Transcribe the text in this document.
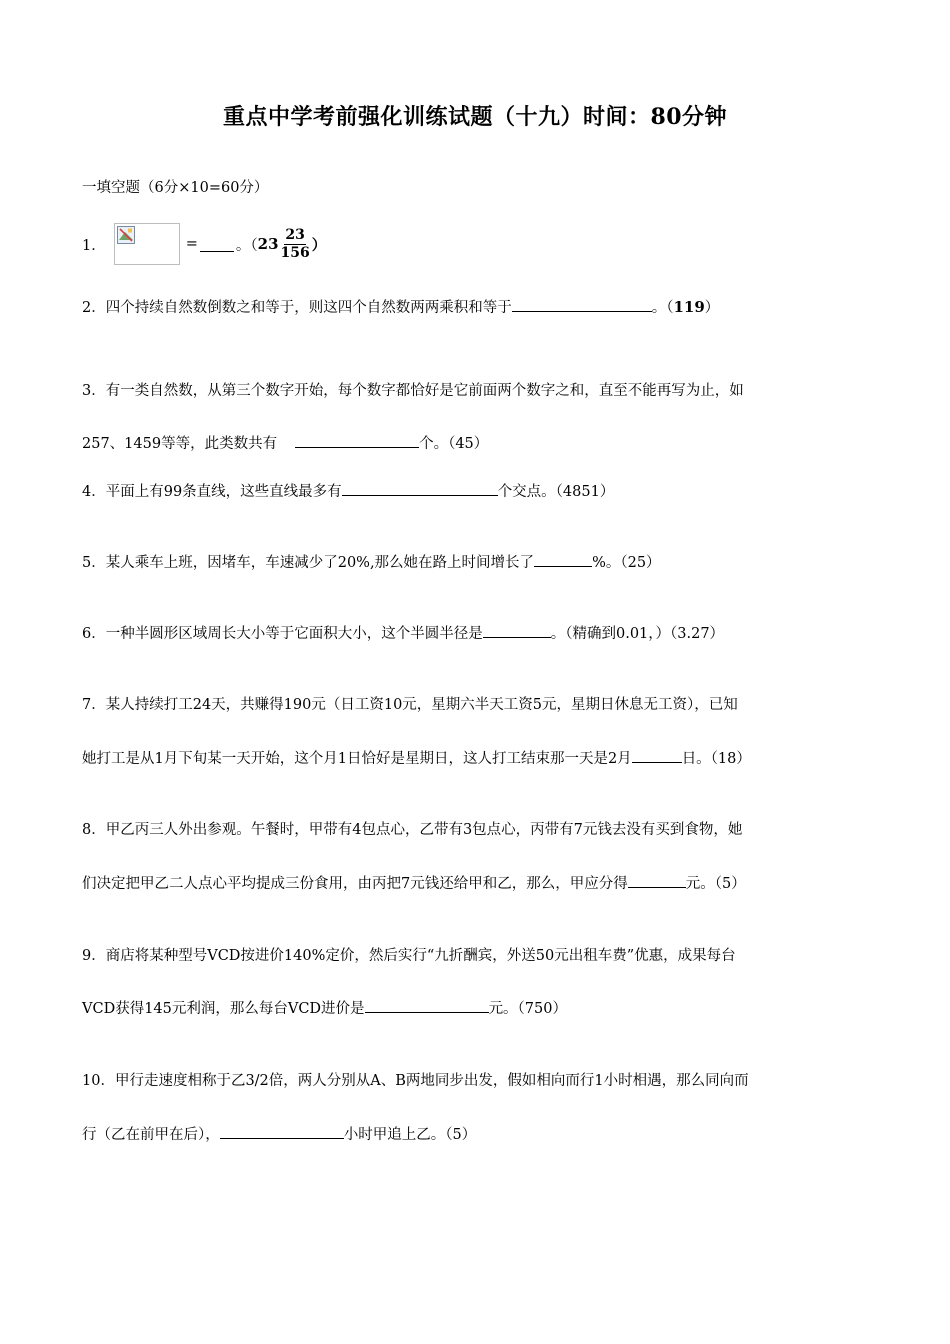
重点中学考前强化训练试题（十九）时间：80分钟
一填空题（6分×10=60分）
1．	=	。（ $23 \frac{23}{156}$ ）
2．四个持续自然数倒数之和等于，则这四个自然数两两乘积和等于	。（119）
3．有一类自然数，从第三个数字开始，每个数字都恰好是它前面两个数字之和，直至不能再写为止，如
257、1459等等，此类数共有	个。（45）
4．平面上有99条直线，这些直线最多有	个交点。（4851）
5．某人乘车上班，因堵车，车速减少了20%,那么她在路上时间增长了	%。（25）
6．一种半圆形区域周长大小等于它面积大小，这个半圆半径是	。（精确到0.01，）（3.27）
7．某人持续打工24天，共赚得190元（日工资10元，星期六半天工资5元，星期日休息无工资），已知
她打工是从1月下旬某一天开始，这个月1日恰好是星期日，这人打工结束那一天是2月	日。（18）
8．甲乙丙三人外出参观。午餐时，甲带有4包点心，乙带有3包点心，丙带有7元钱去没有买到食物，她
们决定把甲乙二人点心平均提成三份食用，由丙把7元钱还给甲和乙，那么，甲应分得	元。（5）
9．商店将某种型号VCD按进价140%定价，然后实行“九折酬宾，外送50元出租车费”优惠，成果每台
VCD获得145元利润，那么每台VCD进价是	元。（750）
10．甲行走速度相称于乙3/2倍，两人分别从A、B两地同步出发，假如相向而行1小时相遇，那么同向而
行（乙在前甲在后），	小时甲追上乙。（5）
